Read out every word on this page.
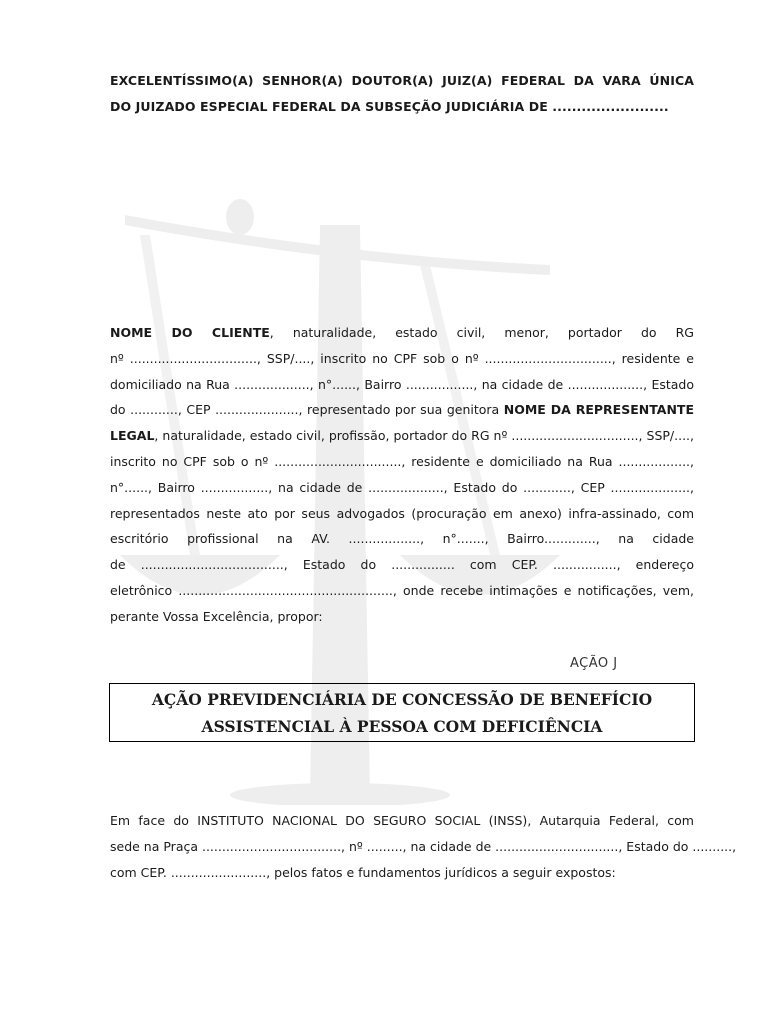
EXCELENTÍSSIMO(A) SENHOR(A) DOUTOR(A) JUIZ(A) FEDERAL DA VARA ÚNICA
DO JUIZADO ESPECIAL FEDERAL DA SUBSEÇÃO JUDICIÁRIA DE ........................
NOME DO CLIENTE, naturalidade, estado civil, menor, portador do RG
nº ................................, SSP/...., inscrito no CPF sob o nº ................................, residente e
domiciliado na Rua ..................., n°......, Bairro ................., na cidade de ..................., Estado
do ............, CEP ....................., representado por sua genitora NOME DA REPRESENTANTE
LEGAL, naturalidade, estado civil, profissão, portador do RG nº ................................, SSP/....,
inscrito no CPF sob o nº ................................, residente e domiciliado na Rua ..................,
n°......, Bairro ................., na cidade de ..................., Estado do ............, CEP ....................,
representados neste ato por seus advogados (procuração em anexo) infra-assinado, com
escritório profissional na AV. .................., n°......., Bairro............., na cidade
de ...................................., Estado do ................ com CEP. ................, endereço
eletrônico ......................................................, onde recebe intimações e notificações, vem,
perante Vossa Excelência, propor:
AÇÃO J
AÇÃO PREVIDENCIÁRIA DE CONCESSÃO DE BENEFÍCIO
ASSISTENCIAL À PESSOA COM DEFICIÊNCIA
Em face do INSTITUTO NACIONAL DO SEGURO SOCIAL (INSS), Autarquia Federal, com
sede na Praça ..................................., nº ........., na cidade de ..............................., Estado do ..........,
com CEP. ........................, pelos fatos e fundamentos jurídicos a seguir expostos:
